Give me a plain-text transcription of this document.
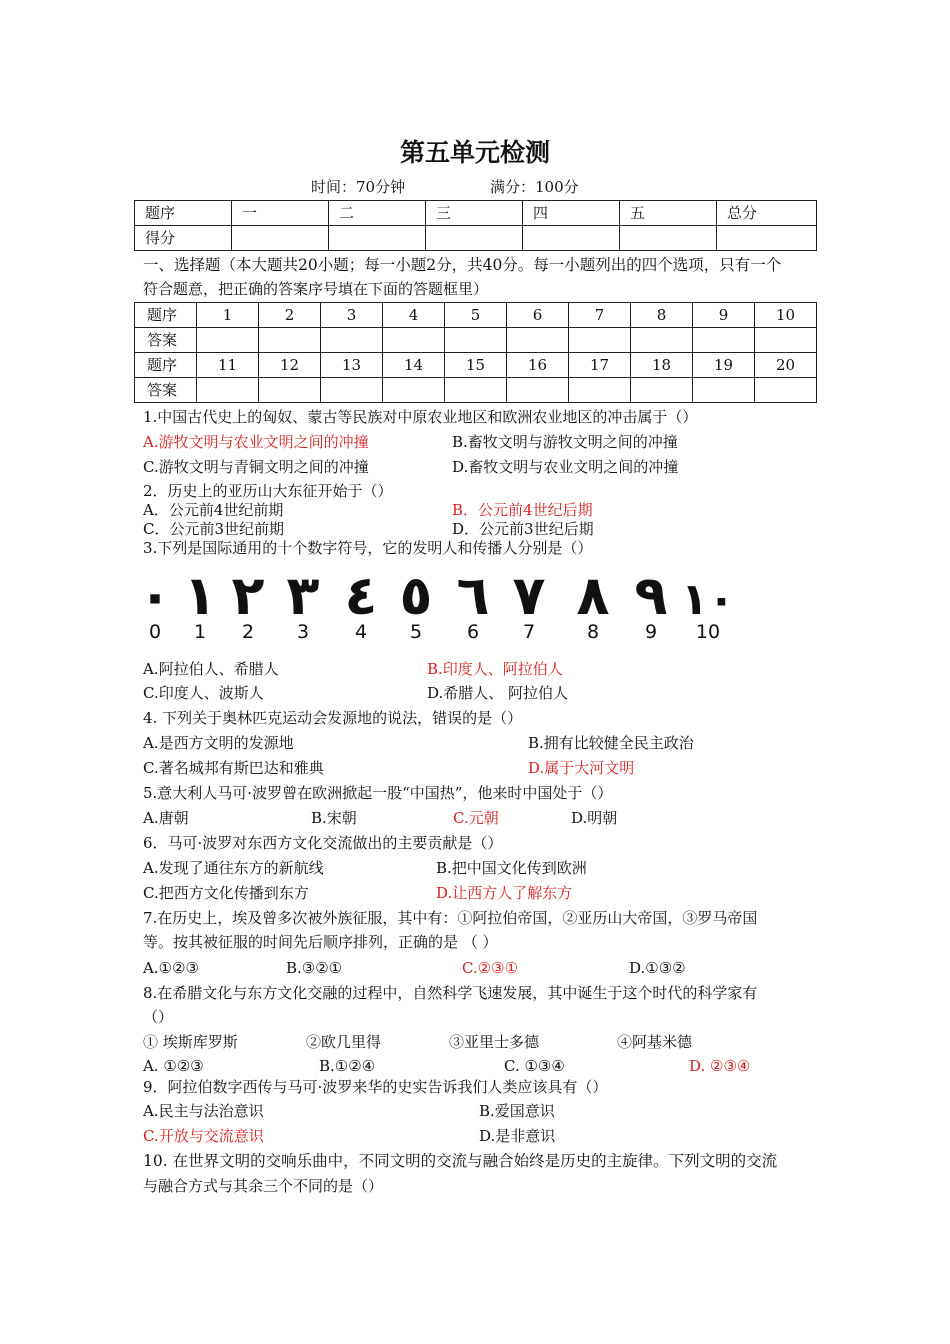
第五单元检测
时间：70分钟	满分：100分
题序	一	二	三	四	五	总分
得分						
一、选择题（本大题共20小题；每一小题2分，共40分。每一小题列出的四个选项，只有一个
符合题意，把正确的答案序号填在下面的答题框里）
题序	1	2	3	4	5	6	7	8	9	10
答案										
题序	11	12	13	14	15	16	17	18	19	20
答案										
1.中国古代史上的匈奴、蒙古等民族对中原农业地区和欧洲农业地区的冲击属于（）
A.游牧文明与农业文明之间的冲撞	B.畜牧文明与游牧文明之间的冲撞
C.游牧文明与青铜文明之间的冲撞	D.畜牧文明与农业文明之间的冲撞
2．历史上的亚历山大东征开始于（）
A．公元前4世纪前期	B．公元前4世纪后期
C．公元前3世纪前期	D．公元前3世纪后期
3.下列是国际通用的十个数字符号，它的发明人和传播人分别是（）
٠ ١ ٢ ٣ ٤ ٥ ٦ ٧ ٨ ٩ ١٠
0 1 2 3 4 5 6 7	8 9 10
A.阿拉伯人、希腊人	B.印度人、阿拉伯人
C.印度人、波斯人	D.希腊人、 阿拉伯人
4. 下列关于奥林匹克运动会发源地的说法，错误的是（）
A.是西方文明的发源地	B.拥有比较健全民主政治
C.著名城邦有斯巴达和雅典	D.属于大河文明
5.意大利人马可·波罗曾在欧洲掀起一股“中国热”，他来时中国处于（）
A.唐朝	B.宋朝	C.元朝	D.明朝
6．马可·波罗对东西方文化交流做出的主要贡献是（）
A.发现了通往东方的新航线	B.把中国文化传到欧洲
C.把西方文化传播到东方	D.让西方人了解东方
7.在历史上，埃及曾多次被外族征服，其中有：①阿拉伯帝国，②亚历山大帝国，③罗马帝国
等。按其被征服的时间先后顺序排列，正确的是 （ ）
A.①②③	B.③②①	C.②③①	D.①③②
8.在希腊文化与东方文化交融的过程中，自然科学飞速发展，其中诞生于这个时代的科学家有
（）
① 埃斯库罗斯	②欧几里得	③亚里士多德	④阿基米德
A. ①②③	B.①②④	C. ①③④	D. ②③④
9．阿拉伯数字西传与马可·波罗来华的史实告诉我们人类应该具有（）
A.民主与法治意识	B.爱国意识
C.开放与交流意识	D.是非意识
10. 在世界文明的交响乐曲中，不同文明的交流与融合始终是历史的主旋律。下列文明的交流
与融合方式与其余三个不同的是（）
